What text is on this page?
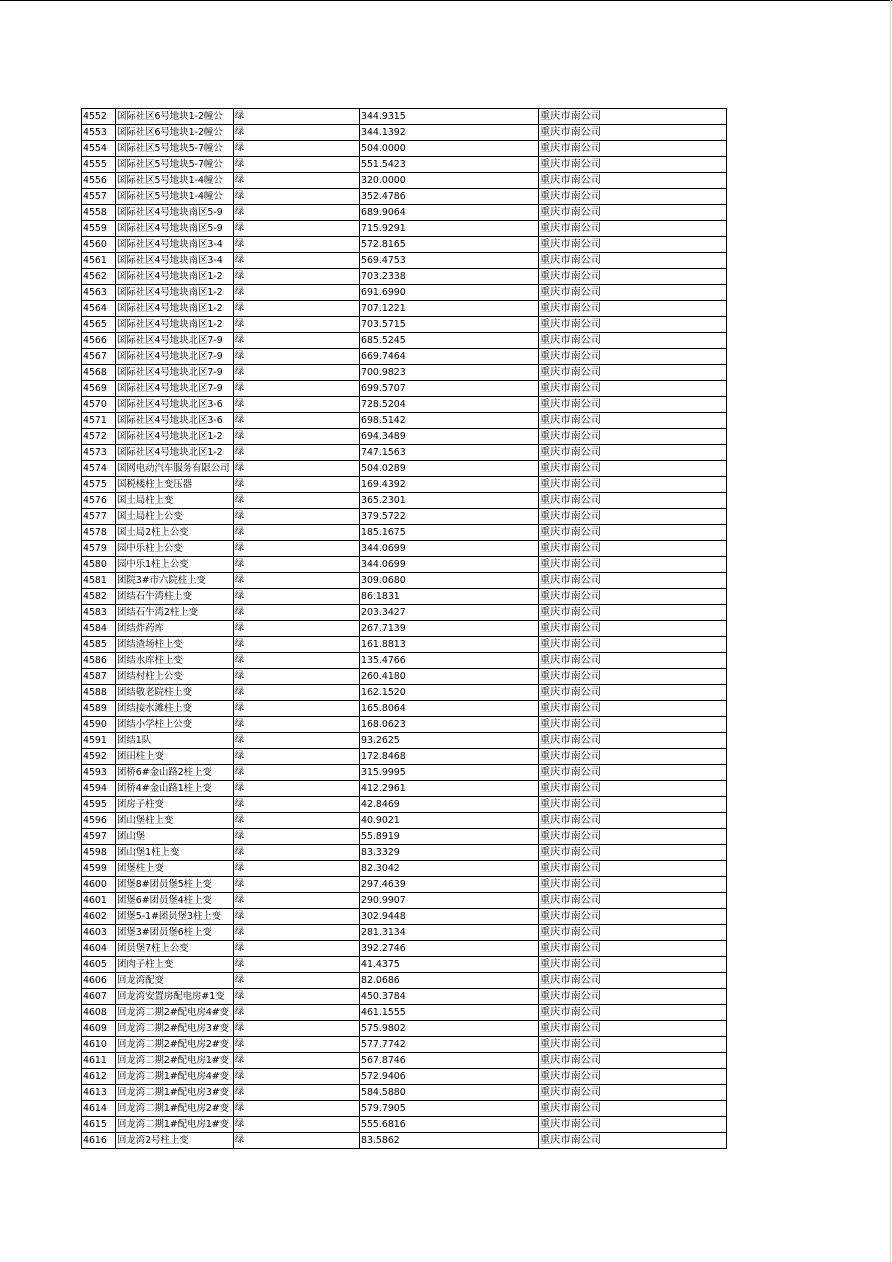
4552	国际社区6号地块1-2幢公	绿	344.9315	重庆市南公司
4553	国际社区6号地块1-2幢公	绿	344.1392	重庆市南公司
4554	国际社区5号地块5-7幢公	绿	504.0000	重庆市南公司
4555	国际社区5号地块5-7幢公	绿	551.5423	重庆市南公司
4556	国际社区5号地块1-4幢公	绿	320.0000	重庆市南公司
4557	国际社区5号地块1-4幢公	绿	352.4786	重庆市南公司
4558	国际社区4号地块南区5-9	绿	689.9064	重庆市南公司
4559	国际社区4号地块南区5-9	绿	715.9291	重庆市南公司
4560	国际社区4号地块南区3-4	绿	572.8165	重庆市南公司
4561	国际社区4号地块南区3-4	绿	569.4753	重庆市南公司
4562	国际社区4号地块南区1-2	绿	703.2338	重庆市南公司
4563	国际社区4号地块南区1-2	绿	691.6990	重庆市南公司
4564	国际社区4号地块南区1-2	绿	707.1221	重庆市南公司
4565	国际社区4号地块南区1-2	绿	703.5715	重庆市南公司
4566	国际社区4号地块北区7-9	绿	685.5245	重庆市南公司
4567	国际社区4号地块北区7-9	绿	669.7464	重庆市南公司
4568	国际社区4号地块北区7-9	绿	700.9823	重庆市南公司
4569	国际社区4号地块北区7-9	绿	699.5707	重庆市南公司
4570	国际社区4号地块北区3-6	绿	728.5204	重庆市南公司
4571	国际社区4号地块北区3-6	绿	698.5142	重庆市南公司
4572	国际社区4号地块北区1-2	绿	694.3489	重庆市南公司
4573	国际社区4号地块北区1-2	绿	747.1563	重庆市南公司
4574	国网电动汽车服务有限公司	绿	504.0289	重庆市南公司
4575	国税楼柱上变压器	绿	169.4392	重庆市南公司
4576	国土局柱上变	绿	365.2301	重庆市南公司
4577	国土局柱上公变	绿	379.5722	重庆市南公司
4578	国土局2柱上公变	绿	185.1675	重庆市南公司
4579	园中乐柱上公变	绿	344.0699	重庆市南公司
4580	园中乐1柱上公变	绿	344.0699	重庆市南公司
4581	团院3#市六院柱上变	绿	309.0680	重庆市南公司
4582	团结石牛湾柱上变	绿	86.1831	重庆市南公司
4583	团结石牛湾2柱上变	绿	203.3427	重庆市南公司
4584	团结炸药库	绿	267.7139	重庆市南公司
4585	团结渣场柱上变	绿	161.8813	重庆市南公司
4586	团结水库柱上变	绿	135.4766	重庆市南公司
4587	团结村柱上公变	绿	260.4180	重庆市南公司
4588	团结敬老院柱上变	绿	162.1520	重庆市南公司
4589	团结接水滩柱上变	绿	165.8064	重庆市南公司
4590	团结小学柱上公变	绿	168.0623	重庆市南公司
4591	团结1队	绿	93.2625	重庆市南公司
4592	团田柱上变	绿	172.8468	重庆市南公司
4593	团桥6#金山路2柱上变	绿	315.9995	重庆市南公司
4594	团桥4#金山路1柱上变	绿	412.2961	重庆市南公司
4595	团房子柱变	绿	42.8469	重庆市南公司
4596	团山堡柱上变	绿	40.9021	重庆市南公司
4597	团山堡	绿	55.8919	重庆市南公司
4598	团山堡1柱上变	绿	83.3329	重庆市南公司
4599	团堡柱上变	绿	82.3042	重庆市南公司
4600	团堡8#团员堡5柱上变	绿	297.4639	重庆市南公司
4601	团堡6#团员堡4柱上变	绿	290.9907	重庆市南公司
4602	团堡5-1#团员堡3柱上变	绿	302.9448	重庆市南公司
4603	团堡3#团员堡6柱上变	绿	281.3134	重庆市南公司
4604	团员堡7柱上公变	绿	392.2746	重庆市南公司
4605	团肉子柱上变	绿	41.4375	重庆市南公司
4606	回龙湾配变	绿	82.0686	重庆市南公司
4607	回龙湾安置房配电房#1变	绿	450.3784	重庆市南公司
4608	回龙湾二期2#配电房4#变	绿	461.1555	重庆市南公司
4609	回龙湾二期2#配电房3#变	绿	575.9802	重庆市南公司
4610	回龙湾二期2#配电房2#变	绿	577.7742	重庆市南公司
4611	回龙湾二期2#配电房1#变	绿	567.8746	重庆市南公司
4612	回龙湾二期1#配电房4#变	绿	572.9406	重庆市南公司
4613	回龙湾二期1#配电房3#变	绿	584.5880	重庆市南公司
4614	回龙湾二期1#配电房2#变	绿	579.7905	重庆市南公司
4615	回龙湾二期1#配电房1#变	绿	555.6816	重庆市南公司
4616	回龙湾2号柱上变	绿	83.5862	重庆市南公司
